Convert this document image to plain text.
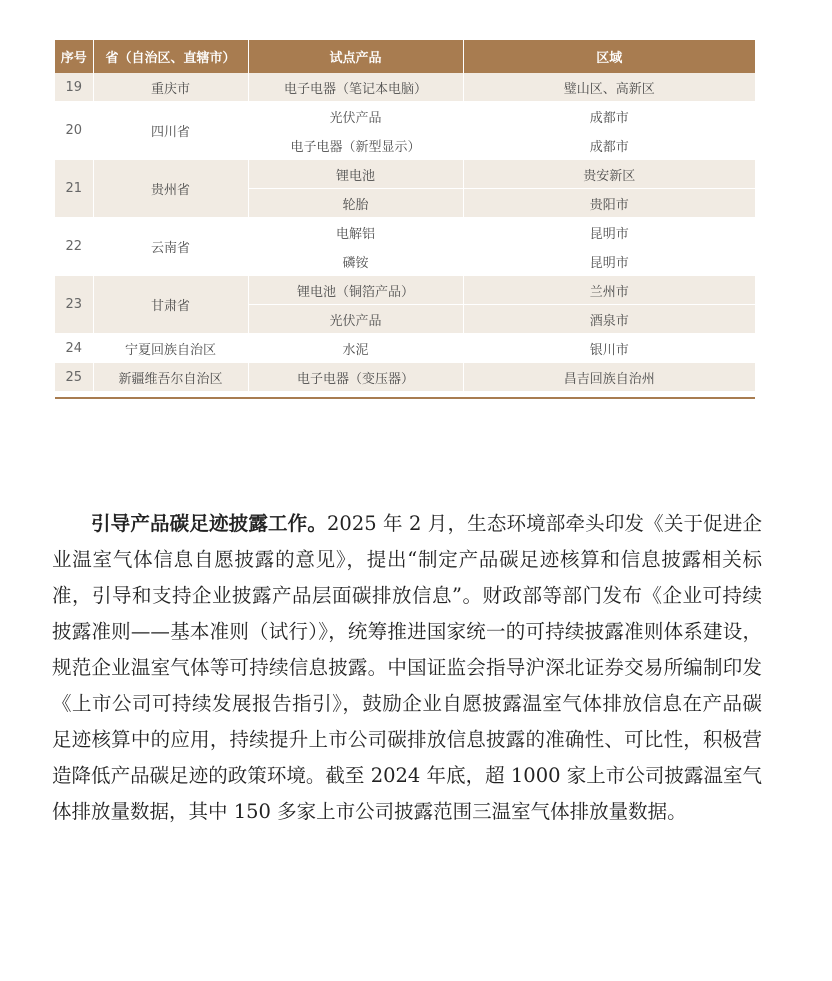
序号	省（自治区、直辖市）	试点产品	区域
19	重庆市	电子电器（笔记本电脑）	璧山区、高新区
20	四川省	光伏产品	成都市
		电子电器（新型显示）	成都市
21	贵州省	锂电池	贵安新区
		轮胎	贵阳市
22	云南省	电解铝	昆明市
		磷铵	昆明市
23	甘肃省	锂电池（铜箔产品）	兰州市
		光伏产品	酒泉市
24	宁夏回族自治区	水泥	银川市
25	新疆维吾尔自治区	电子电器（变压器）	昌吉回族自治州

引导产品碳足迹披露工作。2025 年 2 月，生态环境部牵头印发《关于促进企业温室气体信息自愿披露的意见》，提出“制定产品碳足迹核算和信息披露相关标准，引导和支持企业披露产品层面碳排放信息”。财政部等部门发布《企业可持续披露准则——基本准则（试行）》，统筹推进国家统一的可持续披露准则体系建设，规范企业温室气体等可持续信息披露。中国证监会指导沪深北证券交易所编制印发《上市公司可持续发展报告指引》，鼓励企业自愿披露温室气体排放信息在产品碳足迹核算中的应用，持续提升上市公司碳排放信息披露的准确性、可比性，积极营造降低产品碳足迹的政策环境。截至 2024 年底，超 1000 家上市公司披露温室气体排放量数据，其中 150 多家上市公司披露范围三温室气体排放量数据。
